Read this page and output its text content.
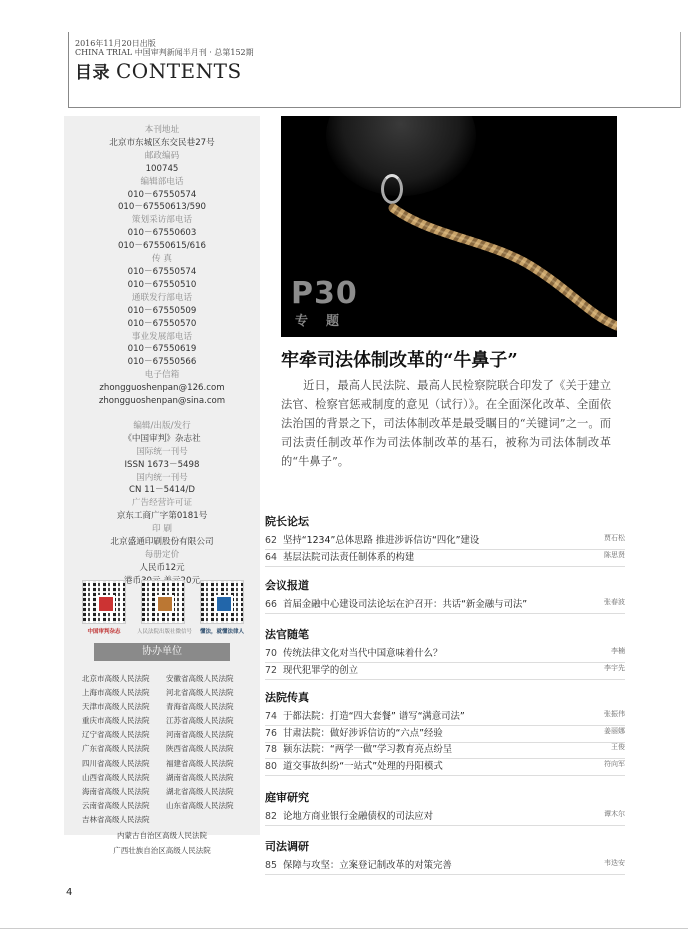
2016年11月20日出版
CHINA TRIAL 中国审判新闻半月刊 · 总第152期
目录 CONTENTS
本刊地址
北京市东城区东交民巷27号
邮政编码
100745
编辑部电话
010－67550574
010－67550613/590
策划采访部电话
010－67550603
010－67550615/616
传 真
010－67550574
010－67550510
通联发行部电话
010－67550509
010－67550570
事业发展部电话
010－67550619
010－67550566
电子信箱
zhongguoshenpan@126.com
zhongguoshenpan@sina.com
编辑/出版/发行
《中国审判》杂志社
国际统一刊号
ISSN 1673－5498
国内统一刊号
CN 11－5414/D
广告经营许可证
京东工商广字第0181号
印 刷
北京盛通印刷股份有限公司
每册定价
人民币12元
中国审判杂志	人民法院出版社微信号	懂法，就懂法律人
协办单位
北京市高级人民法院	安徽省高级人民法院
上海市高级人民法院	河北省高级人民法院
天津市高级人民法院	青海省高级人民法院
重庆市高级人民法院	江苏省高级人民法院
辽宁省高级人民法院	河南省高级人民法院
广东省高级人民法院	陕西省高级人民法院
四川省高级人民法院	福建省高级人民法院
山西省高级人民法院	湖南省高级人民法院
海南省高级人民法院	湖北省高级人民法院
云南省高级人民法院	山东省高级人民法院
吉林省高级人民法院
内蒙古自治区高级人民法院
广西壮族自治区高级人民法院
P30
专题
牢牵司法体制改革的“牛鼻子”
近日，最高人民法院、最高人民检察院联合印发了《关于建立法官、检察官惩戒制度的意见（试行）》。在全面深化改革、全面依法治国的背景之下，司法体制改革是最受瞩目的“关键词”之一。而司法责任制改革作为司法体制改革的基石，被称为司法体制改革的“牛鼻子”。
院长论坛
62 坚持“1234”总体思路 推进涉诉信访“四化”建设	贾石松
64 基层法院司法责任制体系的构建	陈思贤
会议报道
66 首届金融中心建设司法论坛在沪召开：共话“新金融与司法”	张春波
法官随笔
70 传统法律文化对当代中国意味着什么？	李楠
72 现代犯罪学的创立	李宇先
法院传真
74 于都法院：打造“四大套餐” 谱写“满意司法”	张振伟
76 甘肃法院：做好涉诉信访的“六点”经验	姜丽娜
78 颍东法院：“两学一做”学习教育亮点纷呈	王俊
80 道交事故纠纷“一站式”处理的丹阳模式	符向军
庭审研究
82 论地方商业银行金融债权的司法应对	谭木尔
司法调研
85 保障与攻坚：立案登记制改革的对策完善	韦迭安
4
